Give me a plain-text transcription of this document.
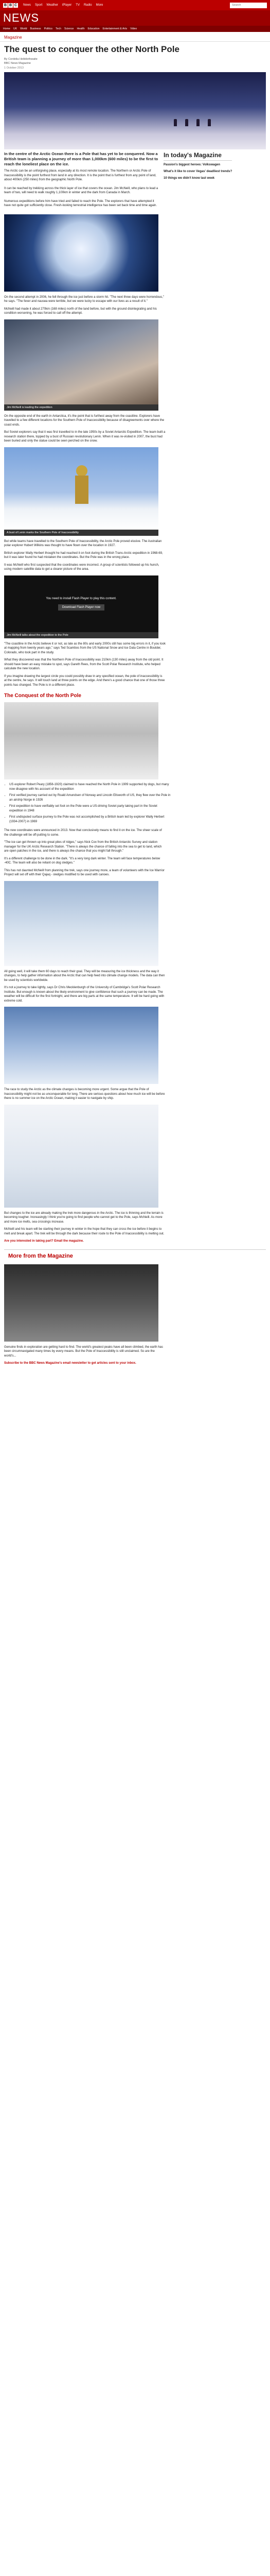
B B C	News Sport Weather iPlayer TV Radio More	Search
NEWS
Home UK World Business Politics Tech Science Health Education Entertainment & Arts Video
Magazine
The quest to conquer the other North Pole
By Cordelia Hebblethwaite
BBC News Magazine
1 October 2013

In the centre of the Arctic Ocean there is a Pole that has yet to be conquered. Now a British team is planning a journey of more than 1,000km (600 miles) to be the first to reach the loneliest place on the ice.

The Arctic can be an unforgiving place, especially at its most remote location. The Northern or Arctic Pole of Inaccessibility is the point furthest from land in any direction. It is the point that is furthest from any point of land, about 400km (250 miles) from the geographic North Pole.

It can be reached by trekking across the thick layer of ice that covers the ocean. Jim McNeill, who plans to lead a team of two, will need to walk roughly 1,100km in winter and the dark from Canada in March.

Numerous expeditions before him have tried and failed to reach the Pole. The explorers that have attempted it have not quite got sufficiently close. Fresh-looking terrestrial intelligence has been set back time and time again.

In today's Magazine
Passion's biggest heroes: Volkswagen
What's it like to cover Vegas' deadliest trends?
10 things we didn't know last week

On the second attempt in 2006, he fell through the ice just before a storm hit. "The next three days were horrendous," he says. "The fever and nausea were terrible, but we were lucky to escape with our lives as a result of it."

McNeill had made it about 270km (168 miles) north of the land before, but with the ground disintegrating and his condition worsening, he was forced to call off the attempt.

Jim McNeill is leading the expedition

On the opposite end of the earth in Antarctica, it's the point that is furthest away from the coastline. Explorers have travelled to a few different locations for the Southern Pole of Inaccessibility because of disagreements over where the coast ends.

But Soviet explorers say that it was first travelled to in the late 1950s by a Soviet Antarctic Expedition. The team built a research station there, topped by a bust of Russian revolutionary Lenin. When it was re-visited in 2007, the bust had been buried and only the statue could be seen perched on the snow.

A bust of Lenin marks the Southern Pole of Inaccessibility

But while teams have travelled to the Southern Pole of Inaccessibility, the Arctic Pole proved elusive. The Australian polar explorer Hubert Wilkins was thought to have flown over the location in 1927.

British explorer Wally Herbert thought he had reached it on foot during the British Trans-Arctic expedition in 1968-69, but it was later found he had mistaken the coordinates. But the Pole was in the wrong place.

It was McNeill who first suspected that the coordinates were incorrect. A group of scientists followed up his hunch, using modern satellite data to get a clearer picture of the area.

You need to install Flash Player to play this content.
Download Flash Player now
Jim McNeill talks about the expedition to the Pole

"The coastline in the Arctic believe it or not, as late as the 80s and early 2000s still has some big errors in it, if you look at mapping from twenty years ago," says Ted Scambos from the US National Snow and Ice Data Centre in Boulder, Colorado, who took part in the study.

What they discovered was that the Northern Pole of Inaccessibility was 210km (130 miles) away from the old point. It should have been an easy mistake to spot, says Gareth Rees, from the Scott Polar Research Institute, who helped calculate the new location.

If you imagine drawing the largest circle you could possibly draw in any specified ocean, the pole of inaccessibility is at the centre, he says. It will touch land at three points on the edge. And there's a good chance that one of those three points has changed. The Pole is in a different place.

The Conquest of the North Pole
• US explorer Robert Peary (1856-1920) claimed to have reached the North Pole in 1909 supported by dogs, but many now disagree with his account of the expedition
• First verified journey carried out by Roald Amundsen of Norway and Lincoln Ellsworth of US, they flew over the Pole in an airship Norge in 1926
• First expedition to have verifiably set foot on the Pole were a US-driving Soviet party taking part in the Soviet expedition in 1948
• First undisputed surface journey to the Pole was not accomplished by a British team led by explorer Wally Herbert (1934-2007) in 1969

The new coordinates were announced in 2013. Now that conclusively means to find it on the ice. The sheer scale of the challenge will be off-putting to some.

"The ice can get thrown up into great piles of ridges," says Nick Cox from the British Antarctic Survey and station manager for the UK Arctic Research Station. "There is always the chance of falling into the sea to get to land, which are open patches in the ice, and there is always the chance that you might fall through."

It's a different challenge to be done in the dark. "It's a very long dark winter. The team will face temperatures below -40C. The team will also be reliant on dog sledges."

This has not daunted McNeill from planning the trek, says one journey more, a team of volunteers with the Ice Warrior Project will set off with their Qajaq - sledges modified to be used with canoes.

All going well, it will take them 60 days to reach their goal. They will be measuring the ice thickness and the way it changes, to help gather information about the Arctic that can help feed into climate change models. The data can then be used by scientists worldwide.

It's not a journey to take lightly, says Dr Chris Mecklenburgh of the University of Cambridge's Scott Polar Research Institute. But enough is known about the likely environment to give confidence that such a journey can be made. The weather will be difficult for the first fortnight, and there are big parts at the same temperature. It will be hard going with extreme cold.

The race to study the Arctic as the climate changes is becoming more urgent. Some argue that the Pole of Inaccessibility might not be as unconquerable for long. There are serious questions about how much ice will be before there is no summer ice on the Arctic Ocean, making it easier to navigate by ship.

But changes to the ice are already making the trek more dangerous in the Arctic. The ice is thinning and the terrain is becoming tougher. Increasingly I think you're going to find people who cannot get to the Pole, says McNeill. As more and more ice melts, sea crossings increase.

McNeill and his team will be starting their journey in winter in the hope that they can cross the ice before it begins to melt and break apart. The trek will be through the dark because their route to the Pole of Inaccessibility is melting out.

Are you interested in taking part? Email the magazine.

More from the Magazine

Genuine finds in exploration are getting hard to find. The world's greatest peaks have all been climbed, the earth has been circumnavigated many times by every means. But the Pole of Inaccessibility is still unclaimed. So are the world's...

Subscribe to the BBC News Magazine's email newsletter to get articles sent to your inbox.
